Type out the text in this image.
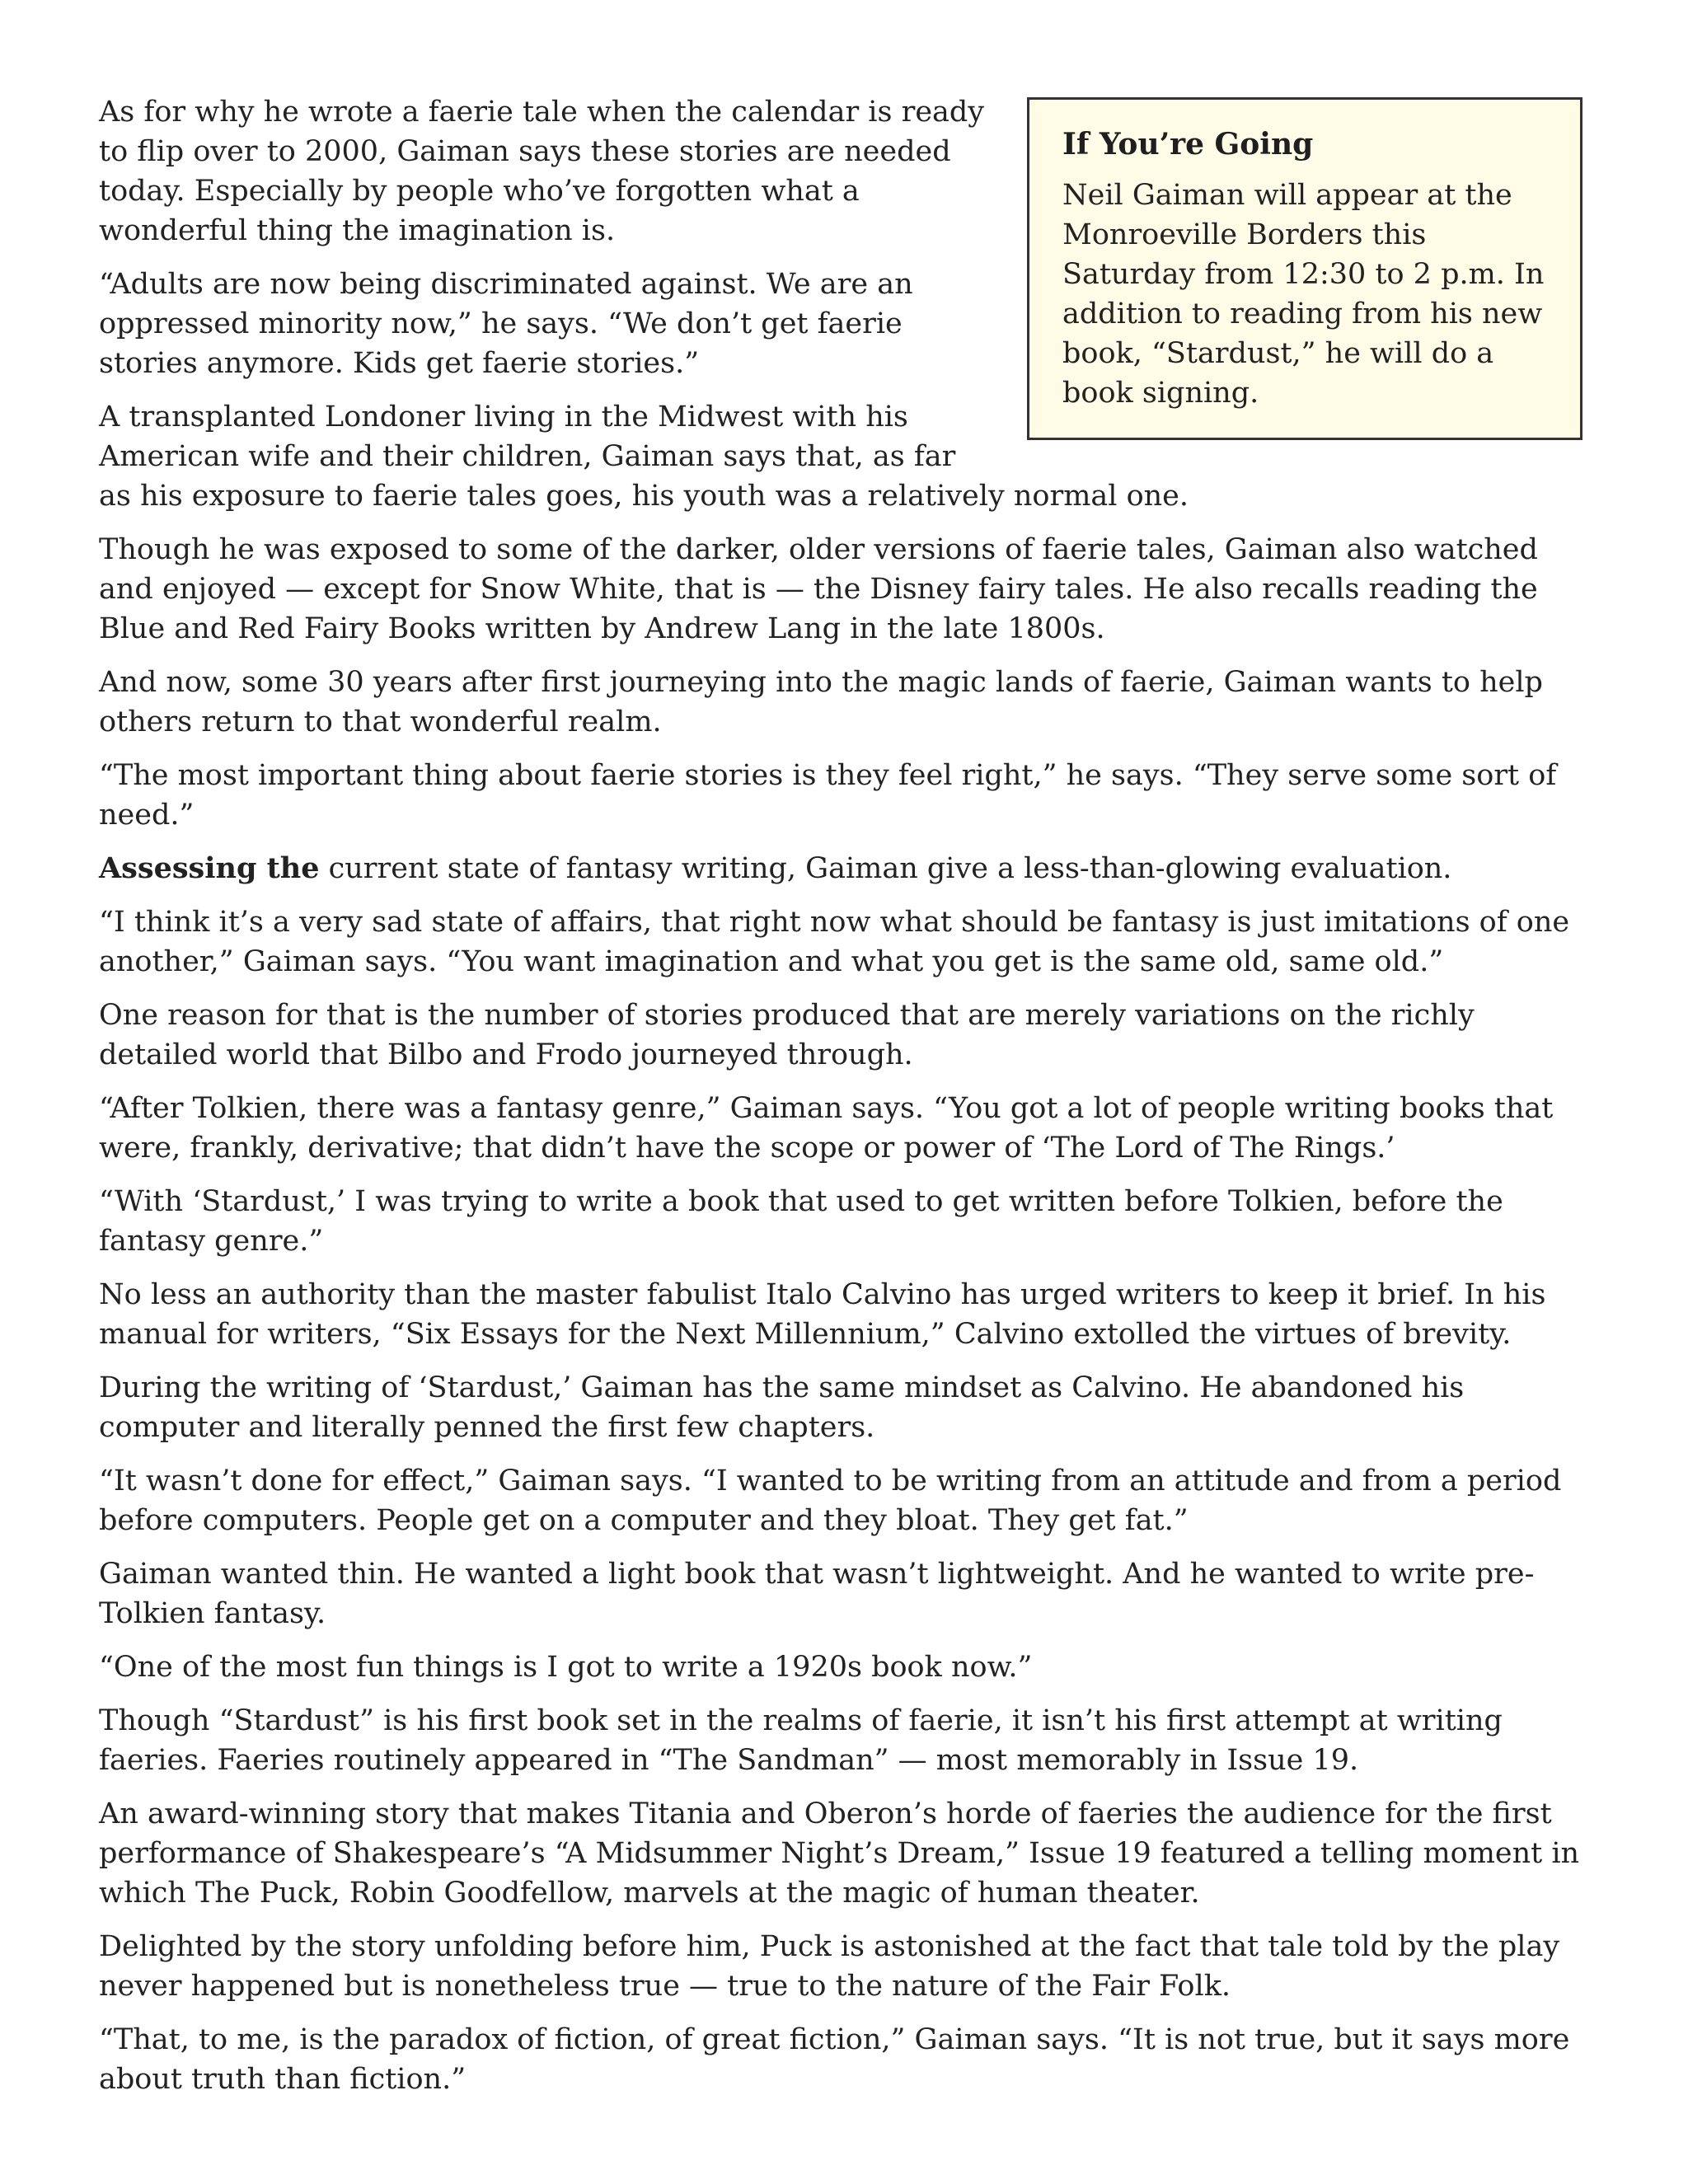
If You’re Going

Neil Gaiman will appear at the Monroeville Borders this Saturday from 12:30 to 2 p.m. In addition to reading from his new book, “Stardust,” he will do a book signing.

As for why he wrote a faerie tale when the calendar is ready to flip over to 2000, Gaiman says these stories are needed today. Especially by people who’ve forgotten what a wonderful thing the imagination is.

“Adults are now being discriminated against. We are an oppressed minority now,” he says. “We don’t get faerie stories anymore. Kids get faerie stories.”

A transplanted Londoner living in the Midwest with his American wife and their children, Gaiman says that, as far as his exposure to faerie tales goes, his youth was a relatively normal one.

Though he was exposed to some of the darker, older versions of faerie tales, Gaiman also watched and enjoyed — except for Snow White, that is — the Disney fairy tales. He also recalls reading the Blue and Red Fairy Books written by Andrew Lang in the late 1800s.

And now, some 30 years after first journeying into the magic lands of faerie, Gaiman wants to help others return to that wonderful realm.

“The most important thing about faerie stories is they feel right,” he says. “They serve some sort of need.”

Assessing the current state of fantasy writing, Gaiman give a less-than-glowing evaluation.

“I think it’s a very sad state of affairs, that right now what should be fantasy is just imitations of one another,” Gaiman says. “You want imagination and what you get is the same old, same old.”

One reason for that is the number of stories produced that are merely variations on the richly detailed world that Bilbo and Frodo journeyed through.

“After Tolkien, there was a fantasy genre,” Gaiman says. “You got a lot of people writing books that were, frankly, derivative; that didn’t have the scope or power of ‘The Lord of The Rings.’

“With ‘Stardust,’ I was trying to write a book that used to get written before Tolkien, before the fantasy genre.”

No less an authority than the master fabulist Italo Calvino has urged writers to keep it brief. In his manual for writers, “Six Essays for the Next Millennium,” Calvino extolled the virtues of brevity.

During the writing of ‘Stardust,’ Gaiman has the same mindset as Calvino. He abandoned his computer and literally penned the first few chapters.

“It wasn’t done for effect,” Gaiman says. “I wanted to be writing from an attitude and from a period before computers. People get on a computer and they bloat. They get fat.”

Gaiman wanted thin. He wanted a light book that wasn’t lightweight. And he wanted to write pre-Tolkien fantasy.

“One of the most fun things is I got to write a 1920s book now.”

Though “Stardust” is his first book set in the realms of faerie, it isn’t his first attempt at writing faeries. Faeries routinely appeared in “The Sandman” — most memorably in Issue 19.

An award-winning story that makes Titania and Oberon’s horde of faeries the audience for the first performance of Shakespeare’s “A Midsummer Night’s Dream,” Issue 19 featured a telling moment in which The Puck, Robin Goodfellow, marvels at the magic of human theater.

Delighted by the story unfolding before him, Puck is astonished at the fact that tale told by the play never happened but is nonetheless true — true to the nature of the Fair Folk.

“That, to me, is the paradox of fiction, of great fiction,” Gaiman says. “It is not true, but it says more about truth than fiction.”
